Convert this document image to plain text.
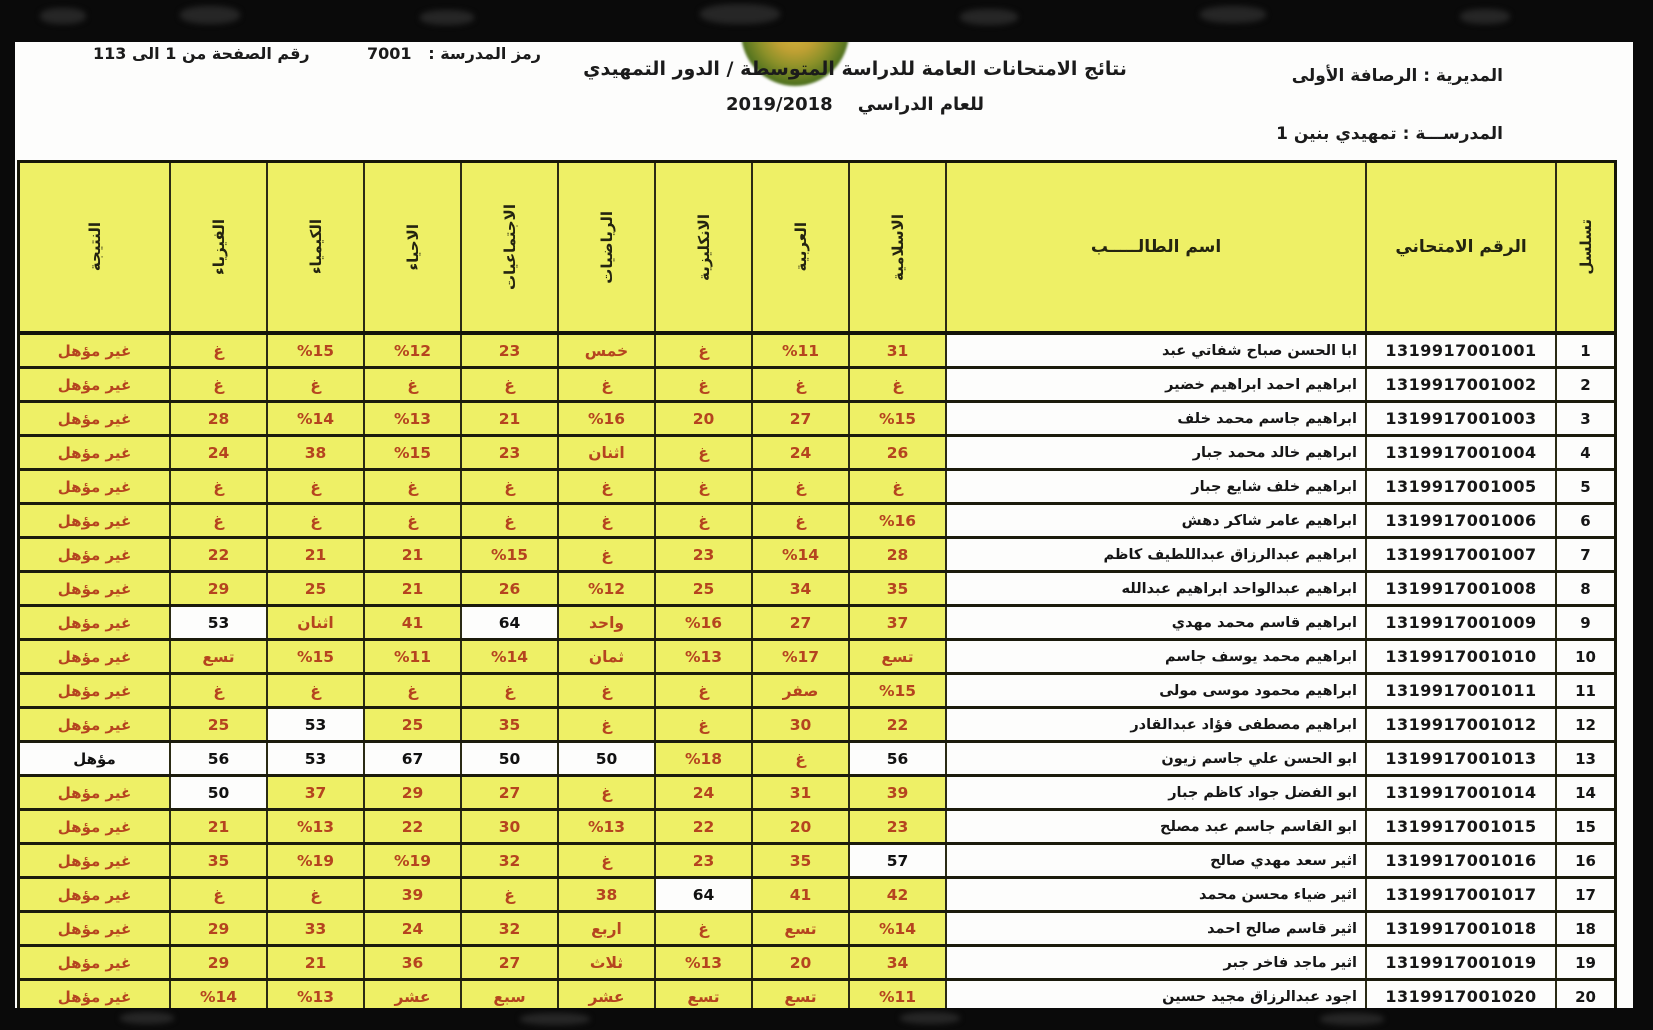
رقم الصفحة من 1 الى 113	رمز المدرسة :   7001
نتائج الامتحانات العامة للدراسة المتوسطة / الدور التمهيدي
للعام الدراسي    2019/2018
المديرية : الرصافة الأولى
المدرســـة : تمهيدي بنين 1
تسلسل
الرقم الامتحاني
اسم الطالـــــب
الاسلامية
العربية
الانكليزية
الرياضيات
الاجتماعيات
الاحياء
الكيمياء
الفيزياء
النتيجة
1
1319917001001
ابا الحسن صباح شفاتي عبد
31
%11
غ
خمس
23
%12
%15
غ
غير مؤهل
2
1319917001002
ابراهيم احمد ابراهيم خضير
غ
غ
غ
غ
غ
غ
غ
غ
غير مؤهل
3
1319917001003
ابراهيم جاسم محمد خلف
%15
27
20
%16
21
%13
%14
28
غير مؤهل
4
1319917001004
ابراهيم خالد محمد جبار
26
24
غ
اثنان
23
%15
38
24
غير مؤهل
5
1319917001005
ابراهيم خلف شايع جبار
غ
غ
غ
غ
غ
غ
غ
غ
غير مؤهل
6
1319917001006
ابراهيم عامر شاكر دهش
%16
غ
غ
غ
غ
غ
غ
غ
غير مؤهل
7
1319917001007
ابراهيم عبدالرزاق عبداللطيف كاظم
28
%14
23
غ
%15
21
21
22
غير مؤهل
8
1319917001008
ابراهيم عبدالواحد ابراهيم عبدالله
35
34
25
%12
26
21
25
29
غير مؤهل
9
1319917001009
ابراهيم قاسم محمد مهدي
37
27
%16
واحد
64
41
اثنان
53
غير مؤهل
10
1319917001010
ابراهيم محمد يوسف جاسم
تسع
%17
%13
ثمان
%14
%11
%15
تسع
غير مؤهل
11
1319917001011
ابراهيم محمود موسى مولى
%15
صفر
غ
غ
غ
غ
غ
غ
غير مؤهل
12
1319917001012
ابراهيم مصطفى فؤاد عبدالقادر
22
30
غ
غ
35
25
53
25
غير مؤهل
13
1319917001013
ابو الحسن علي جاسم زيون
56
غ
%18
50
50
67
53
56
مؤهل
14
1319917001014
ابو الفضل جواد كاظم جبار
39
31
24
غ
27
29
37
50
غير مؤهل
15
1319917001015
ابو القاسم جاسم عبد مصلح
23
20
22
%13
30
22
%13
21
غير مؤهل
16
1319917001016
اثير سعد مهدي صالح
57
35
23
غ
32
%19
%19
35
غير مؤهل
17
1319917001017
اثير ضياء محسن محمد
42
41
64
38
غ
39
غ
غ
غير مؤهل
18
1319917001018
اثير قاسم صالح احمد
%14
تسع
غ
اربع
32
24
33
29
غير مؤهل
19
1319917001019
اثير ماجد فاخر جبر
34
20
%13
ثلاث
27
36
21
29
غير مؤهل
20
1319917001020
اجود عبدالرزاق مجيد حسين
%11
تسع
تسع
عشر
سبع
عشر
%13
%14
غير مؤهل
